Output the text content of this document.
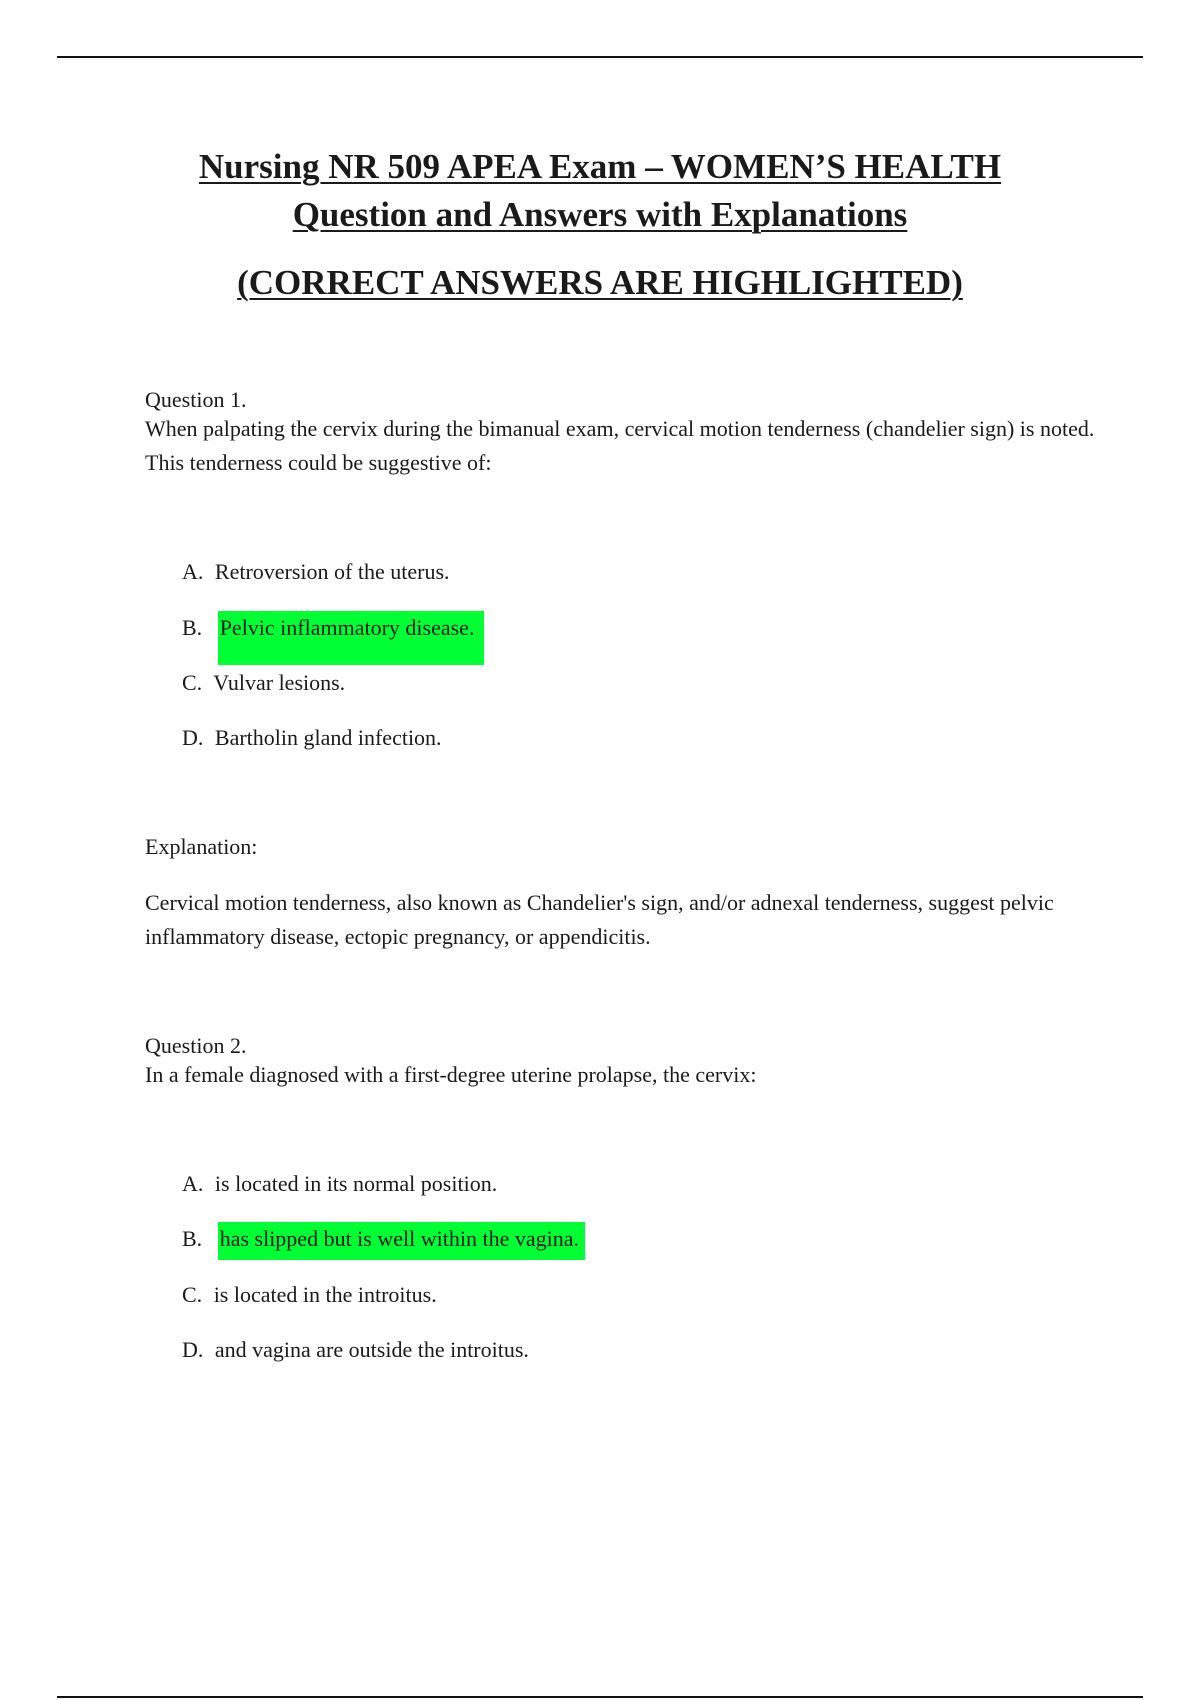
Nursing NR 509 APEA Exam – WOMEN’S HEALTH
Question and Answers with Explanations
(CORRECT ANSWERS ARE HIGHLIGHTED)
Question 1.
When palpating the cervix during the bimanual exam, cervical motion tenderness (chandelier sign) is noted. This tenderness could be suggestive of:
A. Retroversion of the uterus.
B. Pelvic inflammatory disease.
C. Vulvar lesions.
D. Bartholin gland infection.
Explanation:
Cervical motion tenderness, also known as Chandelier's sign, and/or adnexal tenderness, suggest pelvic inflammatory disease, ectopic pregnancy, or appendicitis.
Question 2.
In a female diagnosed with a first-degree uterine prolapse, the cervix:
A. is located in its normal position.
B. has slipped but is well within the vagina.
C. is located in the introitus.
D. and vagina are outside the introitus.
